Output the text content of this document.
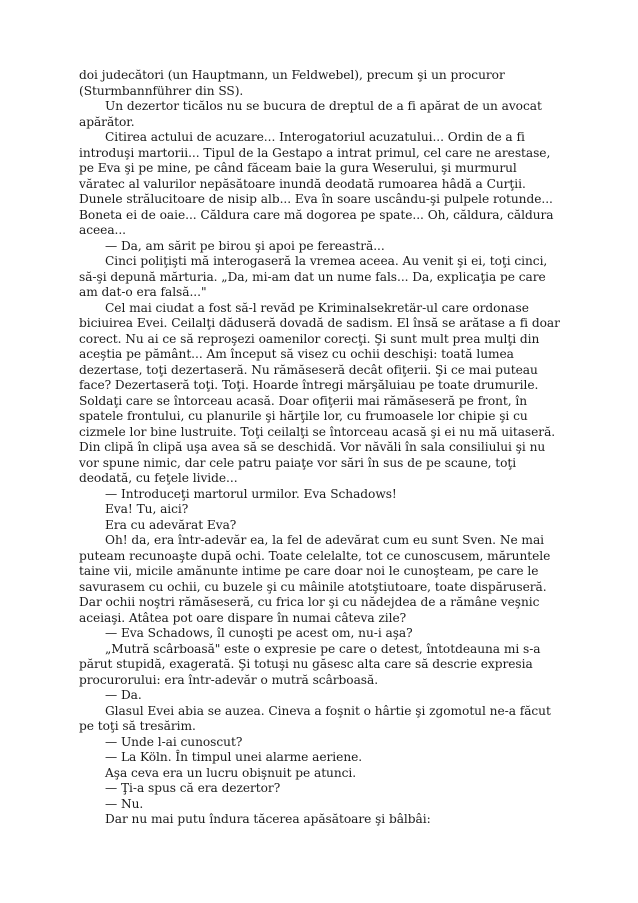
doi judecători (un Hauptmann, un Feldwebel), precum şi un procuror (Sturmbannführer din SS).

Un dezertor ticălos nu se bucura de dreptul de a fi apărat de un avocat apărător.

Citirea actului de acuzare... Interogatoriul acuzatului... Ordin de a fi introduşi martorii... Tipul de la Gestapo a intrat primul, cel care ne arestase, pe Eva şi pe mine, pe când făceam baie la gura Weserului, şi murmurul văratec al valurilor nepăsătoare inundă deodată rumoarea hâdă a Curţii. Dunele strălucitoare de nisip alb... Eva în soare uscându-şi pulpele rotunde... Boneta ei de oaie... Căldura care mă dogorea pe spate... Oh, căldura, căldura aceea...

— Da, am sărit pe birou şi apoi pe fereastră...

Cinci poliţişti mă interogaseră la vremea aceea. Au venit şi ei, toţi cinci, să-şi depună mărturia. „Da, mi-am dat un nume fals... Da, explicaţia pe care am dat-o era falsă..."

Cel mai ciudat a fost să-l revăd pe Kriminalsekretär-ul care ordonase biciuirea Evei. Ceilalţi dăduseră dovadă de sadism. El însă se arătase a fi doar corect. Nu ai ce să reproşezi oamenilor corecţi. Şi sunt mult prea mulţi din aceştia pe pământ... Am început să visez cu ochii deschişi: toată lumea dezertase, toţi dezertaseră. Nu rămăseseră decât ofiţerii. Şi ce mai puteau face? Dezertaseră toţi. Toţi. Hoarde întregi mărşăluiau pe toate drumurile. Soldaţi care se întorceau acasă. Doar ofiţerii mai rămăseseră pe front, în spatele frontului, cu planurile şi hărţile lor, cu frumoasele lor chipie şi cu cizmele lor bine lustruite. Toţi ceilalţi se întorceau acasă şi ei nu mă uitaseră. Din clipă în clipă uşa avea să se deschidă. Vor năvăli în sala consiliului şi nu vor spune nimic, dar cele patru paiaţe vor sări în sus de pe scaune, toţi deodată, cu feţele livide...

— Introduceţi martorul urmilor. Eva Schadows!

Eva! Tu, aici?

Era cu adevărat Eva?

Oh! da, era într-adevăr ea, la fel de adevărat cum eu sunt Sven. Ne mai puteam recunoaşte după ochi. Toate celelalte, tot ce cunoscusem, măruntele taine vii, micile amănunte intime pe care doar noi le cunoşteam, pe care le savurasem cu ochii, cu buzele şi cu mâinile atotştiutoare, toate dispăruseră. Dar ochii noştri rămăseseră, cu frica lor şi cu nădejdea de a rămâne veşnic aceiaşi. Atâtea pot oare dispare în numai câteva zile?

— Eva Schadows, îl cunoşti pe acest om, nu-i aşa?

„Mutră scârboasă" este o expresie pe care o detest, întotdeauna mi s-a părut stupidă, exagerată. Şi totuşi nu găsesc alta care să descrie expresia procurorului: era într-adevăr o mutră scârboasă.

— Da.

Glasul Evei abia se auzea. Cineva a foşnit o hârtie şi zgomotul ne-a făcut pe toţi să tresărim.

— Unde l-ai cunoscut?

— La Köln. În timpul unei alarme aeriene.

Aşa ceva era un lucru obişnuit pe atunci.

— Ţi-a spus că era dezertor?

— Nu.

Dar nu mai putu îndura tăcerea apăsătoare şi bâlbâi:
